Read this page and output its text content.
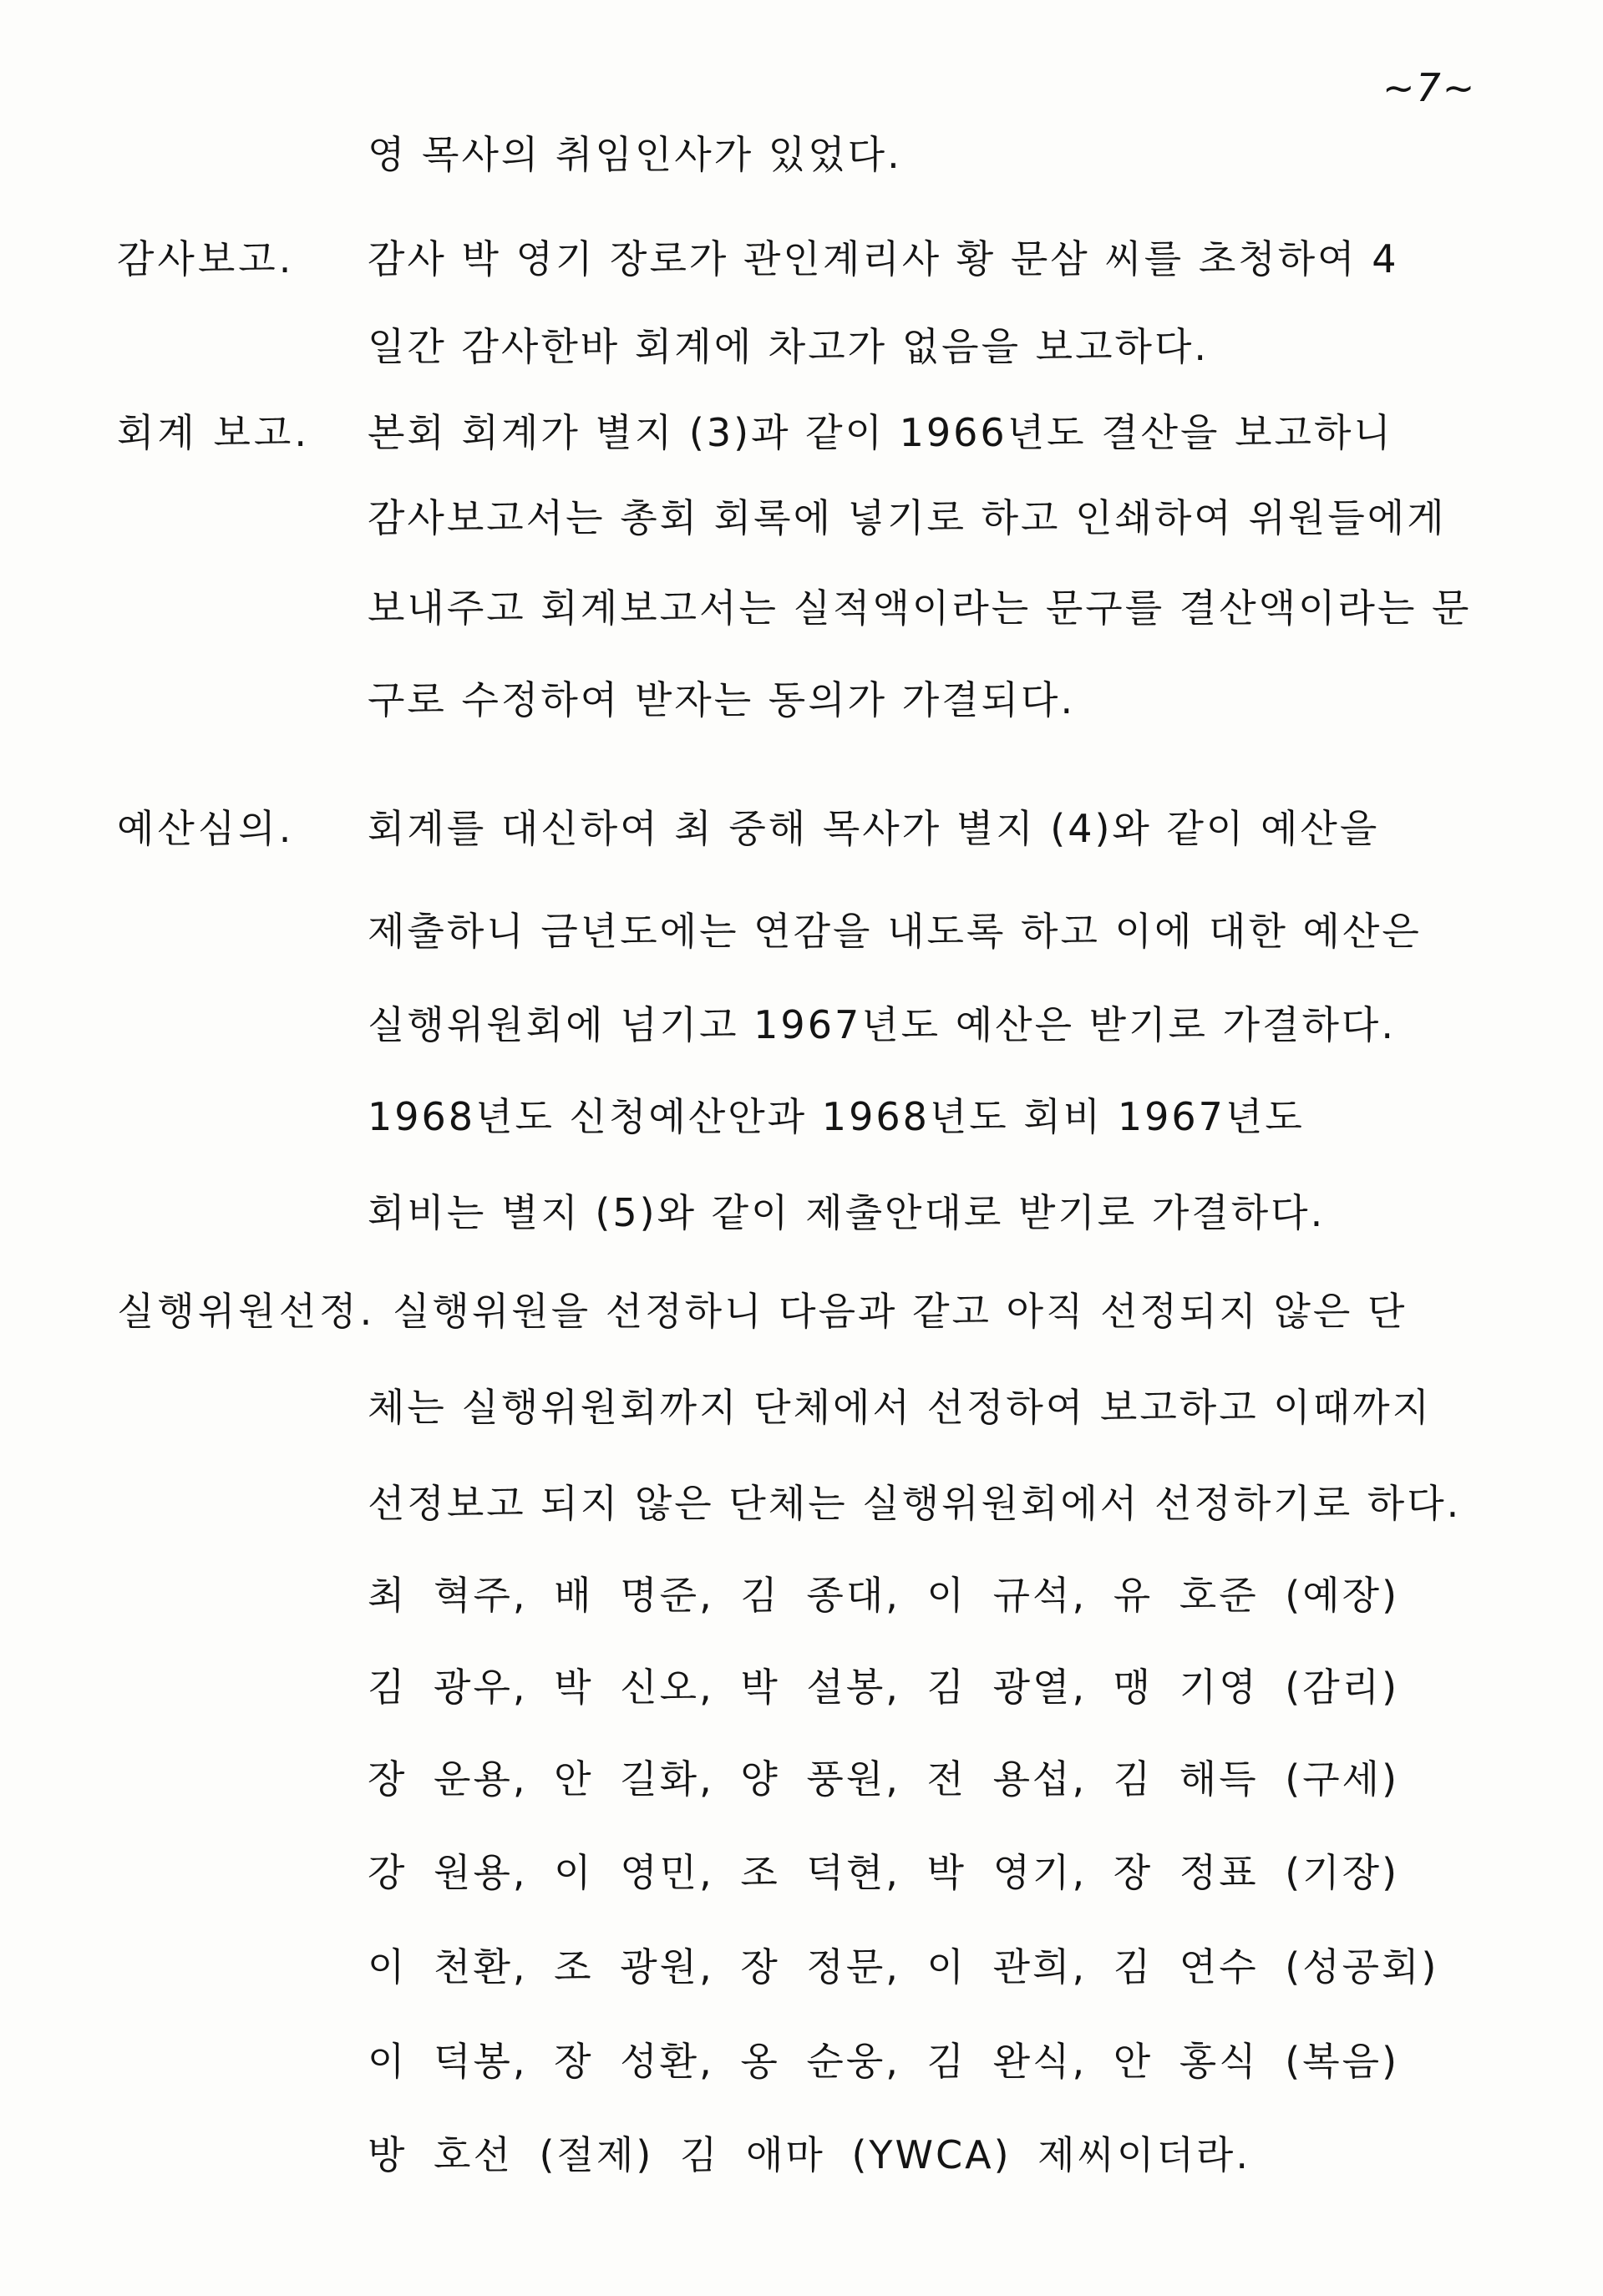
~7~
영 목사의 취임인사가 있었다.
감사보고. 감사 박 영기 장로가 관인계리사 황 문삼 씨를 초청하여 4
일간 감사한바 회계에 차고가 없음을 보고하다.
회계 보고. 본회 회계가 별지 (3)과 같이 1966년도 결산을 보고하니
감사보고서는 총회 회록에 넣기로 하고 인쇄하여 위원들에게
보내주고 회계보고서는 실적액이라는 문구를 결산액이라는 문
구로 수정하여 받자는 동의가 가결되다.
예산심의. 회계를 대신하여 최 중해 목사가 별지 (4)와 같이 예산을
제출하니 금년도에는 연감을 내도록 하고 이에 대한 예산은
실행위원회에 넘기고 1967년도 예산은 받기로 가결하다.
1968년도 신청예산안과 1968년도 회비 1967년도
회비는 별지 (5)와 같이 제출안대로 받기로 가결하다.
실행위원선정. 실행위원을 선정하니 다음과 같고 아직 선정되지 않은 단
체는 실행위원회까지 단체에서 선정하여 보고하고 이때까지
선정보고 되지 않은 단체는 실행위원회에서 선정하기로 하다.
최 혁주, 배 명준, 김 종대, 이 규석, 유 호준 (예장)
김 광우, 박 신오, 박 설봉, 김 광열, 맹 기영 (감리)
장 운용, 안 길화, 양 풍원, 전 용섭, 김 해득 (구세)
강 원용, 이 영민, 조 덕현, 박 영기, 장 정표 (기장)
이 천환, 조 광원, 장 정문, 이 관희, 김 연수 (성공회)
이 덕봉, 장 성환, 옹 순웅, 김 완식, 안 홍식 (복음)
방 호선 (절제) 김 애마 (YWCA) 제씨이더라.
